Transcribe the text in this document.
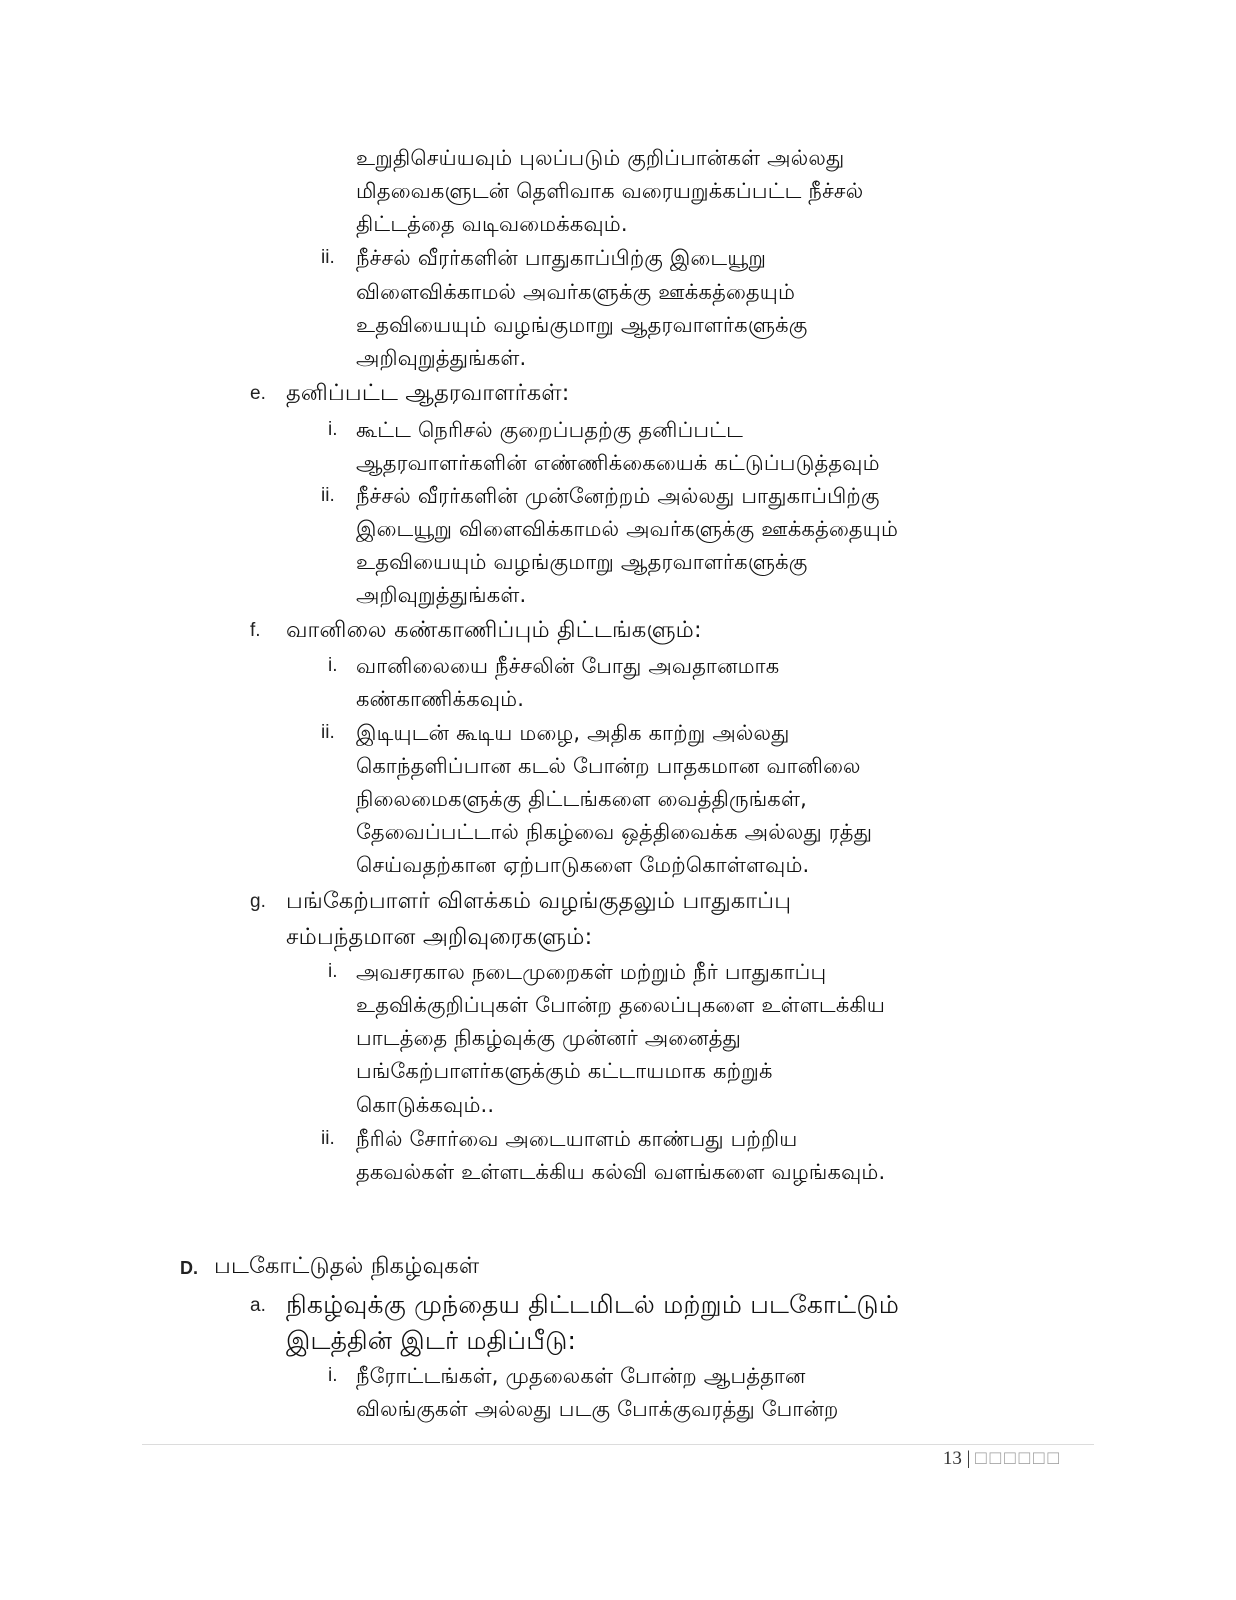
உறுதிசெய்யவும் புலப்படும் குறிப்பான்கள் அல்லது
மிதவைகளுடன் தெளிவாக வரையறுக்கப்பட்ட நீச்சல்
திட்டத்தை வடிவமைக்கவும்.
ii. நீச்சல் வீரர்களின் பாதுகாப்பிற்கு இடையூறு
விளைவிக்காமல் அவர்களுக்கு ஊக்கத்தையும்
உதவியையும் வழங்குமாறு ஆதரவாளர்களுக்கு
அறிவுறுத்துங்கள்.
e. தனிப்பட்ட ஆதரவாளர்கள்:
i. கூட்ட நெரிசல் குறைப்பதற்கு தனிப்பட்ட
ஆதரவாளர்களின் எண்ணிக்கையைக் கட்டுப்படுத்தவும்
ii. நீச்சல் வீரர்களின் முன்னேற்றம் அல்லது பாதுகாப்பிற்கு
இடையூறு விளைவிக்காமல் அவர்களுக்கு ஊக்கத்தையும்
உதவியையும் வழங்குமாறு ஆதரவாளர்களுக்கு
அறிவுறுத்துங்கள்.
f. வானிலை கண்காணிப்பும் திட்டங்களும்:
i. வானிலையை நீச்சலின் போது அவதானமாக
கண்காணிக்கவும்.
ii. இடியுடன் கூடிய மழை, அதிக காற்று அல்லது
கொந்தளிப்பான கடல் போன்ற பாதகமான வானிலை
நிலைமைகளுக்கு திட்டங்களை வைத்திருங்கள்,
தேவைப்பட்டால் நிகழ்வை ஒத்திவைக்க அல்லது ரத்து
செய்வதற்கான ஏற்பாடுகளை மேற்கொள்ளவும்.
g. பங்கேற்பாளர் விளக்கம் வழங்குதலும் பாதுகாப்பு
சம்பந்தமான அறிவுரைகளும்:
i. அவசரகால நடைமுறைகள் மற்றும் நீர் பாதுகாப்பு
உதவிக்குறிப்புகள் போன்ற தலைப்புகளை உள்ளடக்கிய
பாடத்தை நிகழ்வுக்கு முன்னர் அனைத்து
பங்கேற்பாளர்களுக்கும் கட்டாயமாக கற்றுக்
கொடுக்கவும்..
ii. நீரில் சோர்வை அடையாளம் காண்பது பற்றிய
தகவல்கள் உள்ளடக்கிய கல்வி வளங்களை வழங்கவும்.
D. படகோட்டுதல் நிகழ்வுகள்
a. நிகழ்வுக்கு முந்தைய திட்டமிடல் மற்றும் படகோட்டும்
இடத்தின் இடர் மதிப்பீடு:
i. நீரோட்டங்கள், முதலைகள் போன்ற ஆபத்தான
விலங்குகள் அல்லது படகு போக்குவரத்து போன்ற
13 | □□□□□□
